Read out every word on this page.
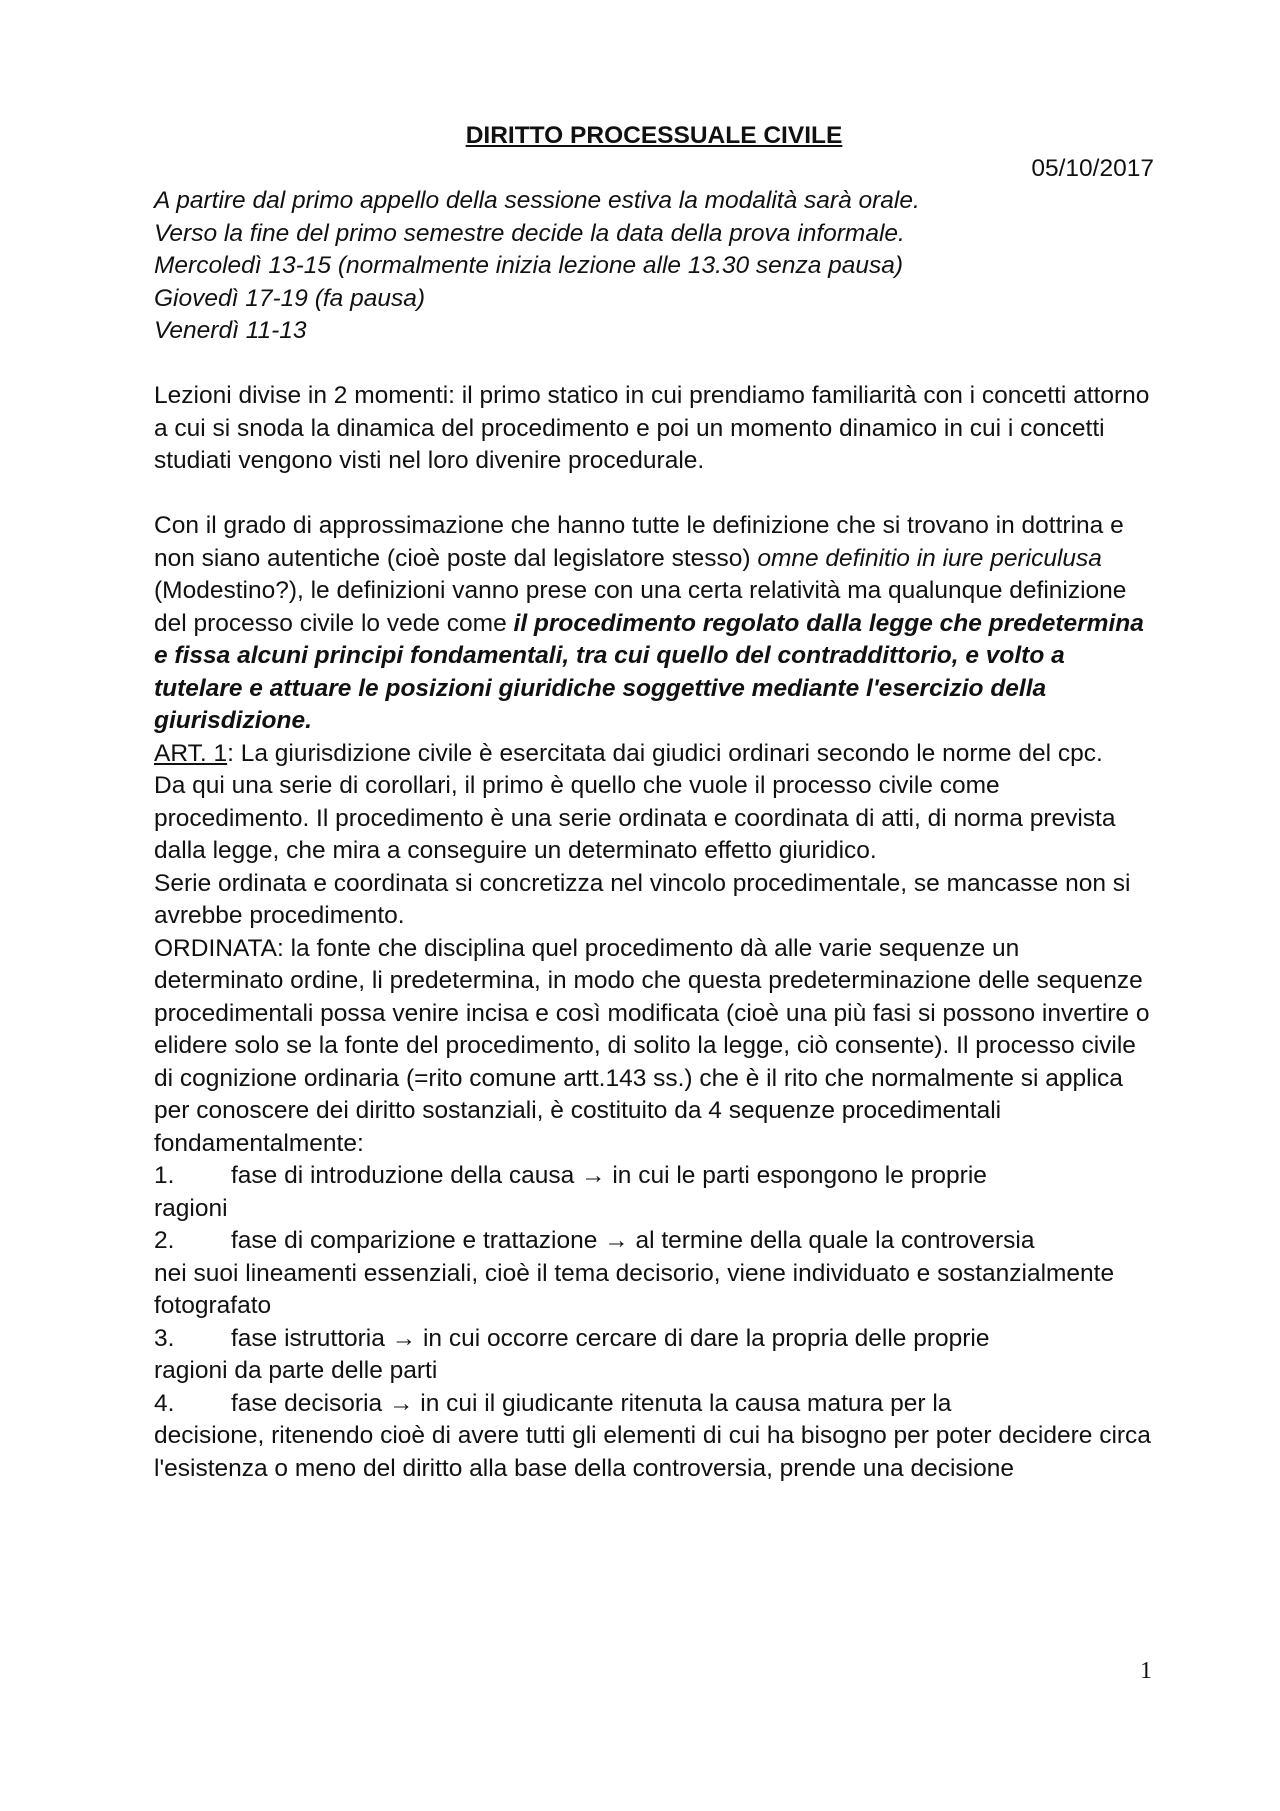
DIRITTO PROCESSUALE CIVILE
05/10/2017
A partire dal primo appello della sessione estiva la modalità sarà orale.
Verso la fine del primo semestre decide la data della prova informale.
Mercoledì 13-15 (normalmente inizia lezione alle 13.30 senza pausa)
Giovedì 17-19 (fa pausa)
Venerdì 11-13
Lezioni divise in 2 momenti: il primo statico in cui prendiamo familiarità con i concetti attorno a cui si snoda la dinamica del procedimento e poi un momento dinamico in cui i concetti studiati vengono visti nel loro divenire procedurale.
Con il grado di approssimazione che hanno tutte le definizione che si trovano in dottrina e non siano autentiche (cioè poste dal legislatore stesso) omne definitio in iure periculusa (Modestino?), le definizioni vanno prese con una certa relatività ma qualunque definizione del processo civile lo vede come il procedimento regolato dalla legge che predetermina e fissa alcuni principi fondamentali, tra cui quello del contraddittorio, e volto a tutelare e attuare le posizioni giuridiche soggettive mediante l'esercizio della giurisdizione.
ART. 1: La giurisdizione civile è esercitata dai giudici ordinari secondo le norme del cpc.
Da qui una serie di corollari, il primo è quello che vuole il processo civile come procedimento. Il procedimento è una serie ordinata e coordinata di atti, di norma prevista dalla legge, che mira a conseguire un determinato effetto giuridico.
Serie ordinata e coordinata si concretizza nel vincolo procedimentale, se mancasse non si avrebbe procedimento.
ORDINATA: la fonte che disciplina quel procedimento dà alle varie sequenze un determinato ordine, li predetermina, in modo che questa predeterminazione delle sequenze procedimentali possa venire incisa e così modificata (cioè una più fasi si possono invertire o elidere solo se la fonte del procedimento, di solito la legge, ciò consente). Il processo civile di cognizione ordinaria (=rito comune artt.143 ss.) che è il rito che normalmente si applica per conoscere dei diritto sostanziali, è costituito da 4 sequenze procedimentali fondamentalmente:
1.	fase di introduzione della causa → in cui le parti espongono le proprie
ragioni
2.	fase di comparizione e trattazione → al termine della quale la controversia
nei suoi lineamenti essenziali, cioè il tema decisorio, viene individuato e sostanzialmente fotografato
3.	fase istruttoria → in cui occorre cercare di dare la propria delle proprie
ragioni da parte delle parti
4.	fase decisoria → in cui il giudicante ritenuta la causa matura per la
decisione, ritenendo cioè di avere tutti gli elementi di cui ha bisogno per poter decidere circa l'esistenza o meno del diritto alla base della controversia, prende una decisione
1
